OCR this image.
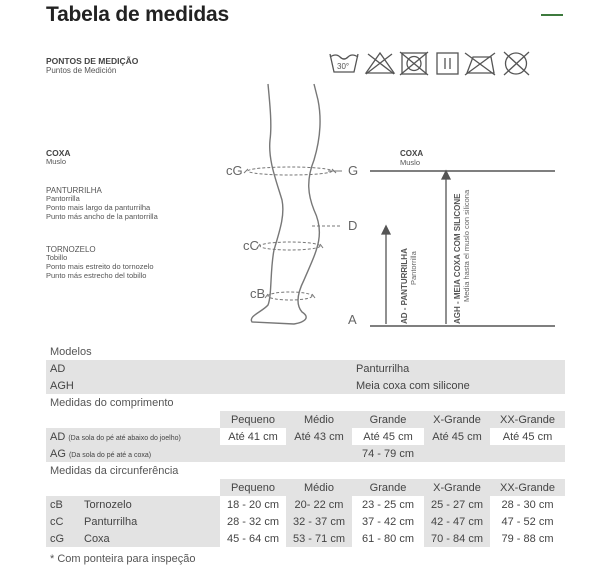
Tabela de medidas
PONTOS DE MEDIÇÃO
Puntos de Medición
COXA
Muslo
PANTURRILHA
Pantorrilla
Ponto mais largo da panturrilha
Punto más ancho de la pantorrilla
TORNOZELO
Tobillo
Ponto mais estreito do tornozelo
Punto más estrecho del tobillo
30°
cG
cC
cB
G
D
A
COXA
Muslo
AD - PANTURRILHA Pantorrilla	AGH - MEIA COXA COM SILICONE Media hasta el muslo con silicona
Modelos					
AD			Panturrilha		
AGH			Meia coxa com silicone		
Medidas do comprimento					
	Pequeno	Médio	Grande	X-Grande	XX-Grande
AD (Da sola do pé até abaixo do joelho)	Até 41 cm	Até 43 cm	Até 45 cm	Até 45 cm	Até 45 cm
AG (Da sola do pé até a coxa)			74 - 79 cm		
Medidas da circunferência					
	Pequeno	Médio	Grande	X-Grande	XX-Grande
cB Tornozelo	18 - 20 cm	20- 22 cm	23 - 25 cm	25 - 27 cm	28 - 30 cm
cC Panturrilha	28 - 32 cm	32 - 37 cm	37 - 42 cm	42 - 47 cm	47 - 52 cm
cG Coxa	45 - 64 cm	53 - 71 cm	61 - 80 cm	70 - 84 cm	79 - 88 cm
* Com ponteira para inspeção
